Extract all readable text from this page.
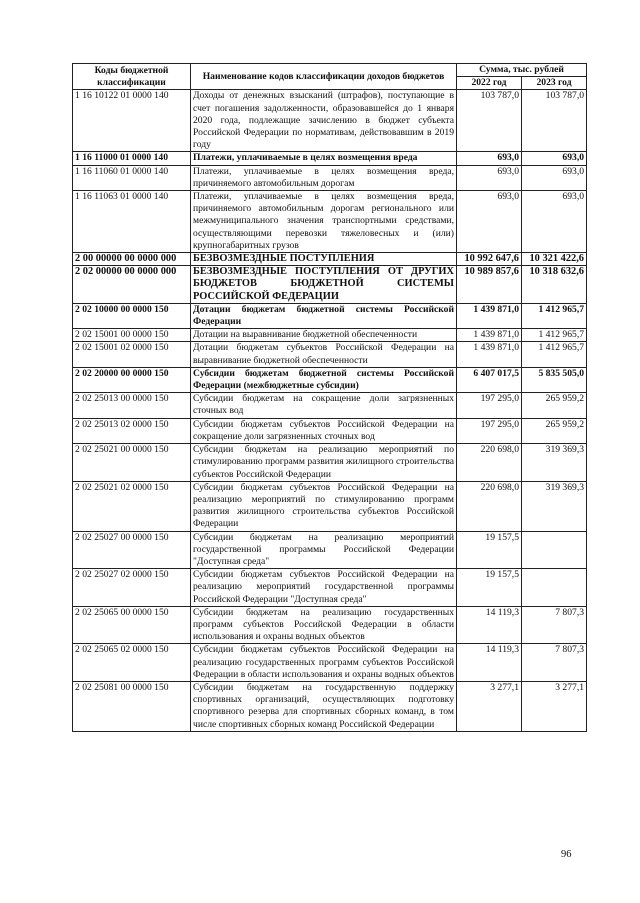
Коды бюджетной классификации	Наименование кодов классификации доходов бюджетов	Сумма, тыс. рублей	
		2022 год	2023 год
1 16 10122 01 0000 140	Доходы от денежных взысканий (штрафов), поступающие в счет погашения задолженности, образовавшейся до 1 января 2020 года, подлежащие зачислению в бюджет субъекта Российской Федерации по нормативам, действовавшим в 2019 году	103 787,0	103 787,0
1 16 11000 01 0000 140	Платежи, уплачиваемые в целях возмещения вреда	693,0	693,0
1 16 11060 01 0000 140	Платежи, уплачиваемые в целях возмещения вреда, причиняемого автомобильным дорогам	693,0	693,0
1 16 11063 01 0000 140	Платежи, уплачиваемые в целях возмещения вреда, причиняемого автомобильным дорогам регионального или межмуниципального значения транспортными средствами, осуществляющими перевозки тяжеловесных и (или) крупногабаритных грузов	693,0	693,0
2 00 00000 00 0000 000	БЕЗВОЗМЕЗДНЫЕ ПОСТУПЛЕНИЯ	10 992 647,6	10 321 422,6
2 02 00000 00 0000 000	БЕЗВОЗМЕЗДНЫЕ ПОСТУПЛЕНИЯ ОТ ДРУГИХ БЮДЖЕТОВ БЮДЖЕТНОЙ СИСТЕМЫ РОССИЙСКОЙ ФЕДЕРАЦИИ	10 989 857,6	10 318 632,6
2 02 10000 00 0000 150	Дотации бюджетам бюджетной системы Российской Федерации	1 439 871,0	1 412 965,7
2 02 15001 00 0000 150	Дотации на выравнивание бюджетной обеспеченности	1 439 871,0	1 412 965,7
2 02 15001 02 0000 150	Дотации бюджетам субъектов Российской Федерации на выравнивание бюджетной обеспеченности	1 439 871,0	1 412 965,7
2 02 20000 00 0000 150	Субсидии бюджетам бюджетной системы Российской Федерации (межбюджетные субсидии)	6 407 017,5	5 835 505,0
2 02 25013 00 0000 150	Субсидии бюджетам на сокращение доли загрязненных сточных вод	197 295,0	265 959,2
2 02 25013 02 0000 150	Субсидии бюджетам субъектов Российской Федерации на сокращение доли загрязненных сточных вод	197 295,0	265 959,2
2 02 25021 00 0000 150	Субсидии бюджетам на реализацию мероприятий по стимулированию программ развития жилищного строительства субъектов Российской Федерации	220 698,0	319 369,3
2 02 25021 02 0000 150	Субсидии бюджетам субъектов Российской Федерации на реализацию мероприятий по стимулированию программ развития жилищного строительства субъектов Российской Федерации	220 698,0	319 369,3
2 02 25027 00 0000 150	Субсидии бюджетам на реализацию мероприятий государственной программы Российской Федерации "Доступная среда"	19 157,5	
2 02 25027 02 0000 150	Субсидии бюджетам субъектов Российской Федерации на реализацию мероприятий государственной программы Российской Федерации "Доступная среда"	19 157,5	
2 02 25065 00 0000 150	Субсидии бюджетам на реализацию государственных программ субъектов Российской Федерации в области использования и охраны водных объектов	14 119,3	7 807,3
2 02 25065 02 0000 150	Субсидии бюджетам субъектов Российской Федерации на реализацию государственных программ субъектов Российской Федерации в области использования и охраны водных объектов	14 119,3	7 807,3
2 02 25081 00 0000 150	Субсидии бюджетам на государственную поддержку спортивных организаций, осуществляющих подготовку спортивного резерва для спортивных сборных команд, в том числе спортивных сборных команд Российской Федерации	3 277,1	3 277,1
96
